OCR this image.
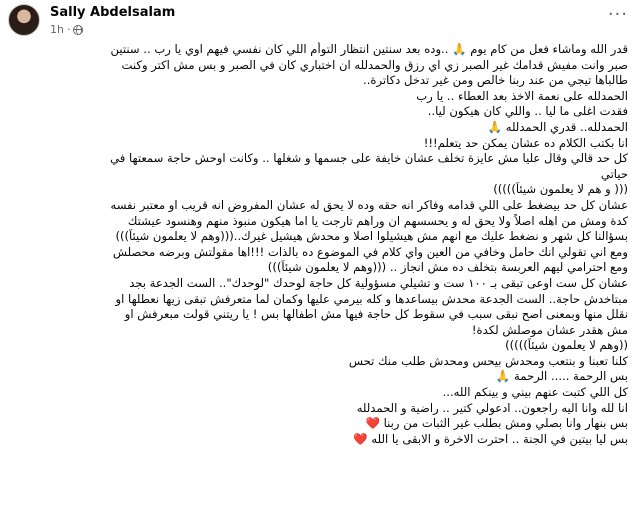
Sally Abdelsalam
1h ·
···
قدر الله وماشاء فعل من كام يوم 🙏 ..وده بعد سنتين انتظار التوأم اللي كان نفسي فيهم اوي يا رب .. سنتين
صبر وانت مفيش قدامك غير الصبر زي اي رزق والحمدلله ان اختباري كان في الصبر و بس مش اكتر وكنت
طالباها تيجي من عند ربنا خالص ومن غير تدخل دكاترة..
الحمدلله على نعمة الاخذ بعد العطاء .. يا رب
فقدت اغلى ما ليا .. واللي كان هيكون ليا..
الحمدلله.. قدري الحمدلله 🙏
انا بكتب الكلام ده عشان يمكن حد يتعلم!!!
كل حد قالي وقال عليا مش عايزة تخلف عشان خايفة على جسمها و شغلها .. وكانت اوحش حاجة سمعتها في
حياتي
((( و هم لا يعلمون شيئاً)))))
عشان كل حد بيضغط على اللي قدامه وفاكر انه حقه وده لا يحق له عشان المفروض انه قريب او معتبر نفسه
كدة ومش من اهله اصلاً ولا يحق له و يحسسهم ان وراهم تارجت يا اما هيكون منبوذ منهم وهنسود عيشتك
بسؤالنا كل شهر و نضغط عليك مع انهم مش هيشيلوا اصلا و محدش هيشيل غيرك..(((وهم لا يعلمون شيئاً)))
ومع اني تقولي انك حامل وخافي من العين واي كلام في الموضوع ده بالذات !!!اها مقولتش وبرضه محصلش
ومع احترامي ليهم العربسة بتخلف ده مش انجاز .. (((وهم لا يعلمون شيئاً)))
عشان كل ست اوعى تبقى بـ ١٠٠ ست و تشيلي مسؤولية كل حاجة لوحدك "لوحدك".. الست الجدعة بجد
مبتاخدش حاجة.. الست الجدعة محدش بيساعدها و كله بيرمي عليها وكمان لما متعرفش تبقى زيها نعطلها او
نقلل منها وبمعنى اصح نبقى سبب في سقوط كل حاجة فيها مش اطفالها بس ! يا ريتني قولت مبعرفش او
مش هقدر عشان موصلش لكدة!
((وهم لا يعلمون شيئاً)))))
كلنا تعبنا و بنتعب ومحدش بيحس ومحدش طلب منك تحس
بس الرحمة ..... الرحمة 🙏
كل اللي كتبت عنهم بيني و بينكم الله...
انا لله وانا اليه راجعون.. ادعولي كتير .. راضية و الحمدلله
بس بنهار وانا بصلي ومش بطلب غير الثبات من ربنا ❤️
بس ليا بيتين في الجنة .. احترت الاخرة و الابقى يا الله ❤️
